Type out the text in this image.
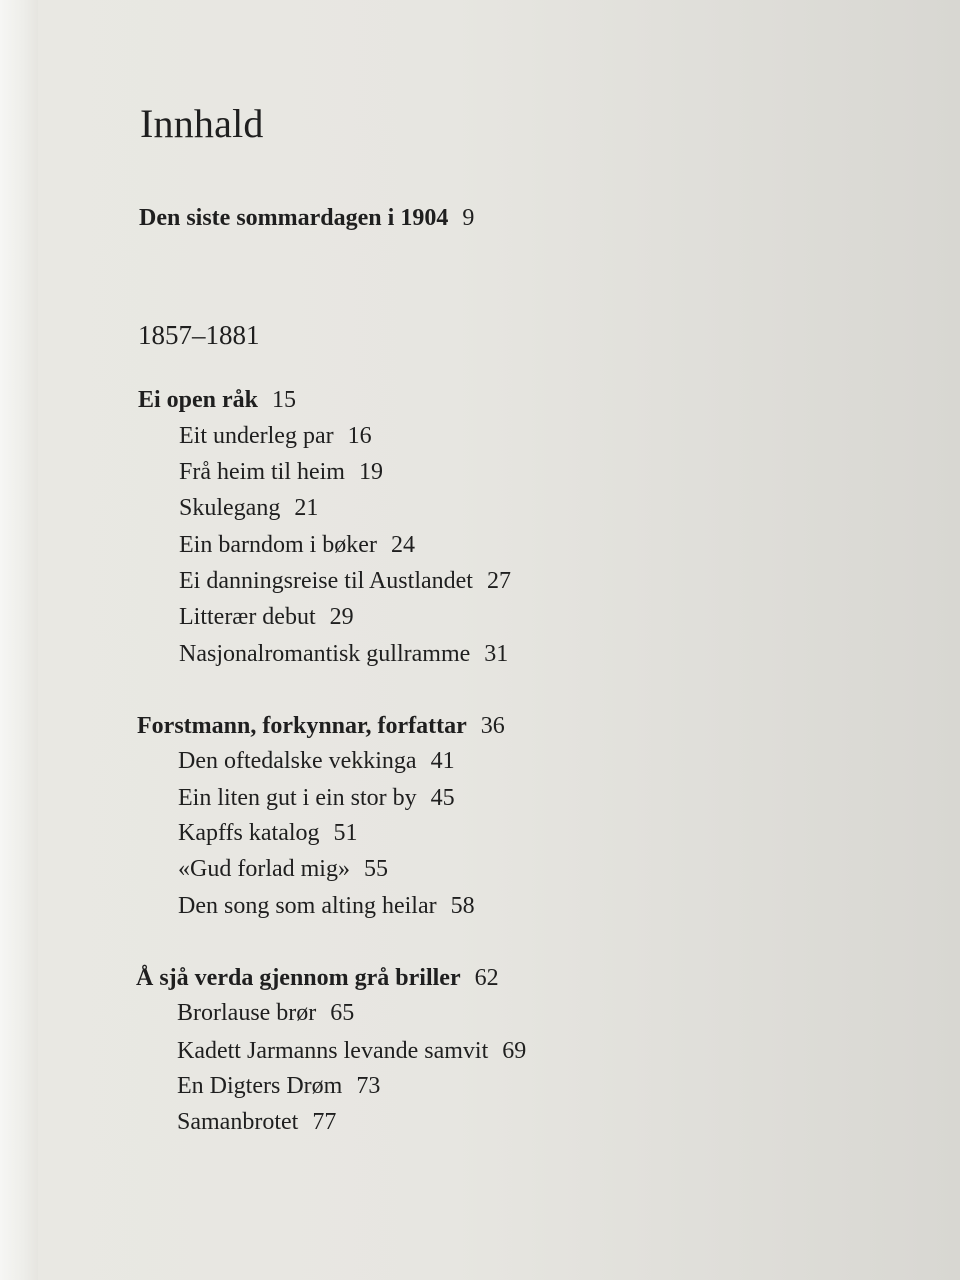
Innhald
Den siste sommardagen i 1904 9
1857–1881
Ei open råk 15
Eit underleg par 16
Frå heim til heim 19
Skulegang 21
Ein barndom i bøker 24
Ei danningsreise til Austlandet 27
Litterær debut 29
Nasjonalromantisk gullramme 31
Forstmann, forkynnar, forfattar 36
Den oftedalske vekkinga 41
Ein liten gut i ein stor by 45
Kapffs katalog 51
«Gud forlad mig» 55
Den song som alting heilar 58
Å sjå verda gjennom grå briller 62
Brorlause brør 65
Kadett Jarmanns levande samvit 69
En Digters Drøm 73
Samanbrotet 77
